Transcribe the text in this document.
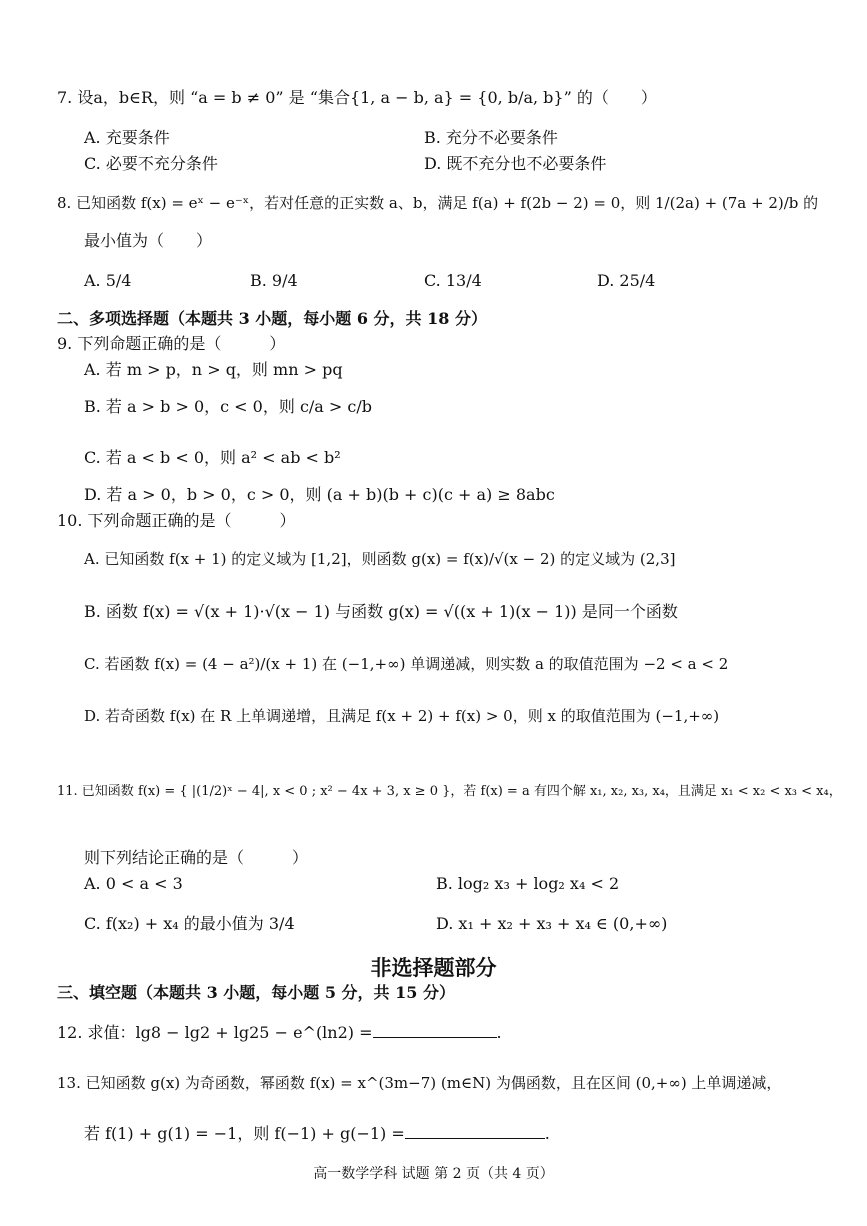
7. 设a，b∈R，则 “a = b ≠ 0” 是 “集合{1, a − b, a} = {0, b/a, b}” 的（　　）
A. 充要条件	B. 充分不必要条件
C. 必要不充分条件	D. 既不充分也不必要条件
8. 已知函数 f(x) = eˣ − e⁻ˣ，若对任意的正实数 a、b，满足 f(a) + f(2b − 2) = 0，则 1/(2a) + (7a + 2)/b 的
最小值为（　　）
A. 5/4	B. 9/4	C. 13/4	D. 25/4
二、多项选择题（本题共 3 小题，每小题 6 分，共 18 分）
9. 下列命题正确的是（　　　）
A. 若 m > p，n > q，则 mn > pq
B. 若 a > b > 0，c < 0，则 c/a > c/b
C. 若 a < b < 0，则 a² < ab < b²
D. 若 a > 0，b > 0，c > 0，则 (a + b)(b + c)(c + a) ≥ 8abc
10. 下列命题正确的是（　　　）
A. 已知函数 f(x + 1) 的定义域为 [1,2]，则函数 g(x) = f(x)/√(x − 2) 的定义域为 (2,3]
B. 函数 f(x) = √(x + 1)·√(x − 1) 与函数 g(x) = √((x + 1)(x − 1)) 是同一个函数
C. 若函数 f(x) = (4 − a²)/(x + 1) 在 (−1,+∞) 单调递减，则实数 a 的取值范围为 −2 < a < 2
D. 若奇函数 f(x) 在 R 上单调递增，且满足 f(x + 2) + f(x) > 0，则 x 的取值范围为 (−1,+∞)
11. 已知函数 f(x) = { |(1/2)ˣ − 4|, x < 0 ; x² − 4x + 3, x ≥ 0 }，若 f(x) = a 有四个解 x₁, x₂, x₃, x₄，且满足 x₁ < x₂ < x₃ < x₄，
则下列结论正确的是（　　　）
A. 0 < a < 3	B. log₂ x₃ + log₂ x₄ < 2
C. f(x₂) + x₄ 的最小值为 3/4	D. x₁ + x₂ + x₃ + x₄ ∈ (0,+∞)
非选择题部分
三、填空题（本题共 3 小题，每小题 5 分，共 15 分）
12. 求值：lg8 − lg2 + lg25 − e^(ln2) =	.
13. 已知函数 g(x) 为奇函数，幂函数 f(x) = x^(3m−7) (m∈N) 为偶函数，且在区间 (0,+∞) 上单调递减，
若 f(1) + g(1) = −1，则 f(−1) + g(−1) =	.
高一数学学科 试题 第 2 页（共 4 页）
